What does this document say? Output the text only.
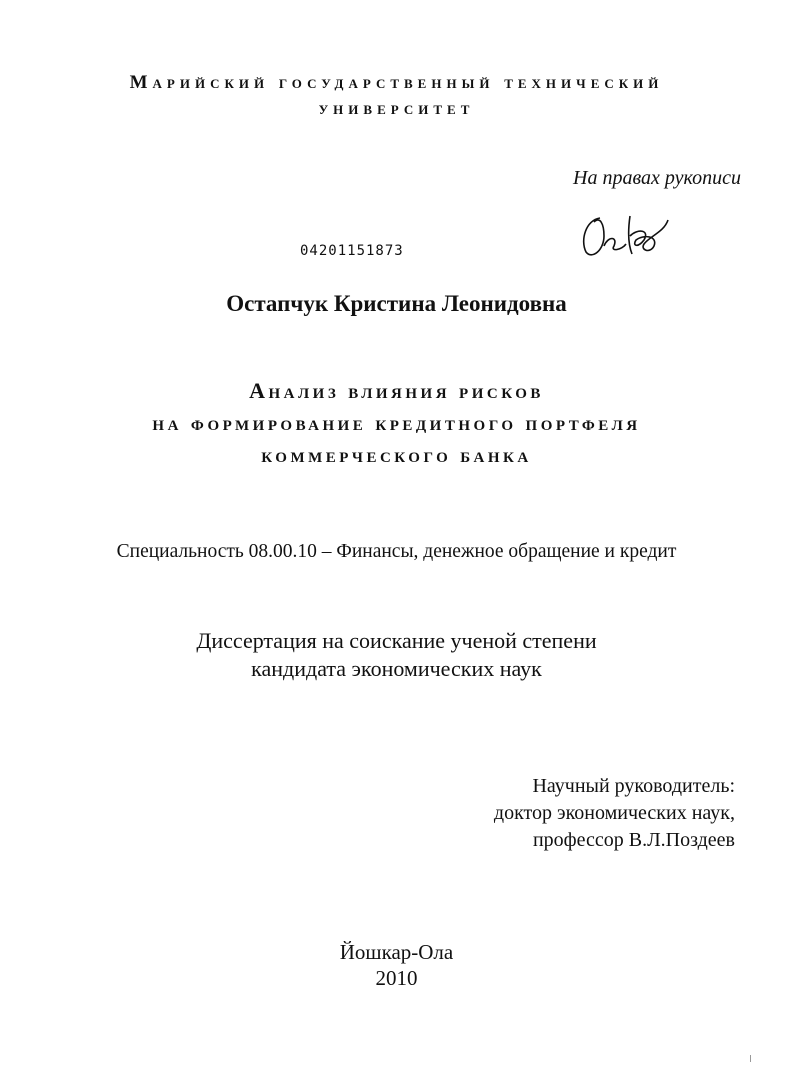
Марийский государственный технический
университет
На правах рукописи
04201151873
Остапчук Кристина Леонидовна
Анализ влияния рисков
на формирование кредитного портфеля
коммерческого банка
Специальность 08.00.10 – Финансы, денежное обращение и кредит
Диссертация на соискание ученой степени
кандидата экономических наук
Научный руководитель:
доктор экономических наук,
профессор В.Л.Поздеев
Йошкар-Ола
2010
